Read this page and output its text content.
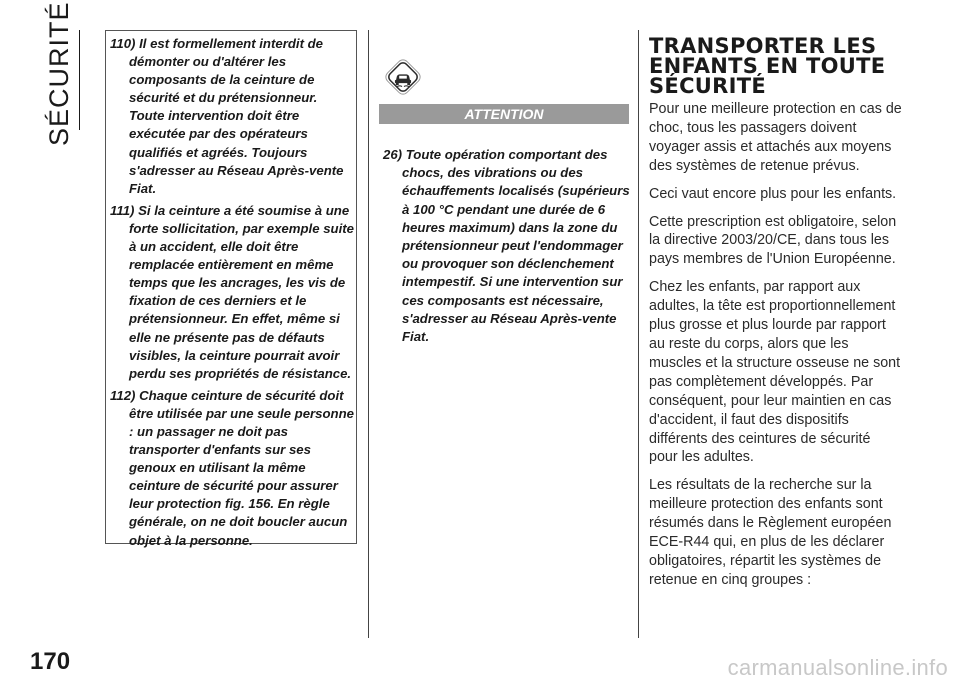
SÉCURITÉ	110) Il est formellement interdit de démonter ou d'altérer les composants de la ceinture de sécurité et du prétensionneur. Toute intervention doit être exécutée par des opérateurs qualifiés et agréés. Toujours s'adresser au Réseau Après-vente Fiat.
111) Si la ceinture a été soumise à une forte sollicitation, par exemple suite à un accident, elle doit être remplacée entièrement en même temps que les ancrages, les vis de fixation de ces derniers et le prétensionneur. En effet, même si elle ne présente pas de défauts visibles, la ceinture pourrait avoir perdu ses propriétés de résistance.
112) Chaque ceinture de sécurité doit être utilisée par une seule personne : un passager ne doit pas transporter d'enfants sur ses genoux en utilisant la même ceinture de sécurité pour assurer leur protection fig. 156. En règle générale, on ne doit boucler aucun objet à la personne.
ATTENTION

26) Toute opération comportant des chocs, des vibrations ou des échauffements localisés (supérieurs à 100 °C pendant une durée de 6 heures maximum) dans la zone du prétensionneur peut l'endommager ou provoquer son déclenchement intempestif. Si une intervention sur ces composants est nécessaire, s'adresser au Réseau Après-vente Fiat.

TRANSPORTER LES ENFANTS EN TOUTE SÉCURITÉ

Pour une meilleure protection en cas de choc, tous les passagers doivent voyager assis et attachés aux moyens des systèmes de retenue prévus.

Ceci vaut encore plus pour les enfants.

Cette prescription est obligatoire, selon la directive 2003/20/CE, dans tous les pays membres de l'Union Européenne.

Chez les enfants, par rapport aux adultes, la tête est proportionnellement plus grosse et plus lourde par rapport au reste du corps, alors que les muscles et la structure osseuse ne sont pas complètement développés. Par conséquent, pour leur maintien en cas d'accident, il faut des dispositifs différents des ceintures de sécurité pour les adultes.

Les résultats de la recherche sur la meilleure protection des enfants sont résumés dans le Règlement européen ECE-R44 qui, en plus de les déclarer obligatoires, répartit les systèmes de retenue en cinq groupes :

170	carmanualsonline.info
